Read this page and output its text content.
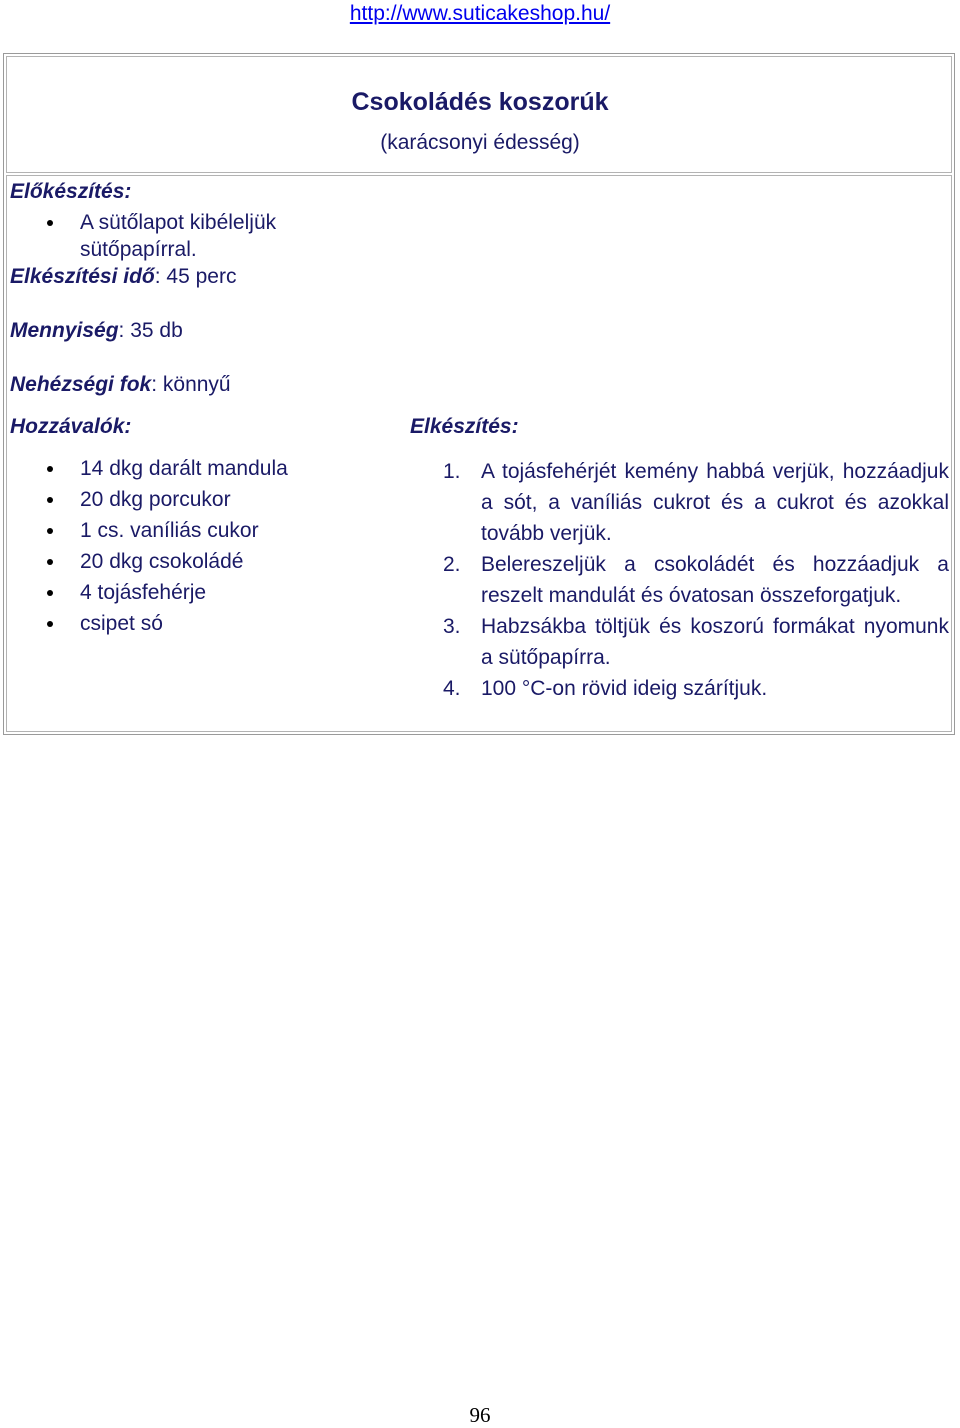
http://www.suticakeshop.hu/
Csokoládés koszorúk
(karácsonyi édesség)
Előkészítés:
A sütőlapot kibéleljük
sütőpapírral.
Elkészítési idő: 45 perc
Mennyiség: 35 db
Nehézségi fok: könnyű
Hozzávalók:
14 dkg darált mandula
20 dkg porcukor
1 cs. vaníliás cukor
20 dkg csokoládé
4 tojásfehérje
csipet só
Elkészítés:

1. A tojásfehérjét kemény habbá verjük, hozzáadjuk a sót, a vaníliás cukrot és a cukrot és azokkal tovább verjük.

2. Belereszeljük a csokoládét és hozzáadjuk a reszelt mandulát és óvatosan összeforgatjuk.

3. Habzsákba töltjük és koszorú formákat nyomunk a sütőpapírra.

4. 100 °C-on rövid ideig szárítjuk.

96
